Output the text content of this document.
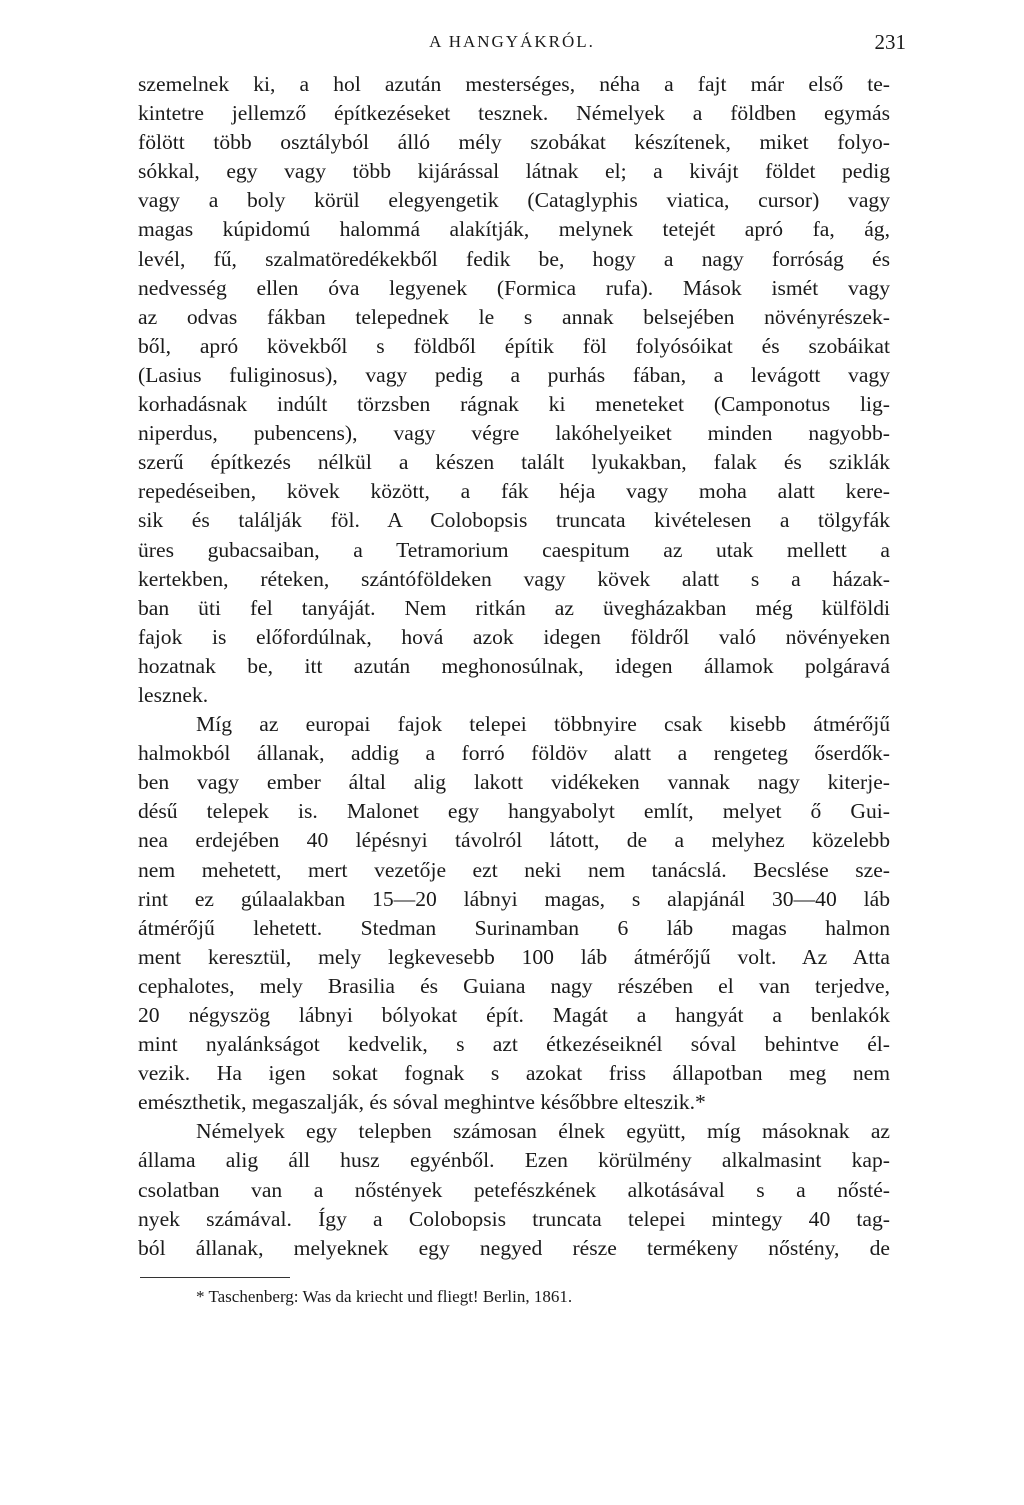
A HANGYÁKRÓL.	231
szemelnek ki, a hol azután mesterséges, néha a fajt már első te-
kintetre jellemző építkezéseket tesznek. Némelyek a földben egymás
fölött több osztályból álló mély szobákat készítenek, miket folyo-
sókkal, egy vagy több kijárással látnak el; a kivájt földet pedig
vagy a boly körül elegyengetik (Cataglyphis viatica, cursor) vagy
magas kúpidomú halommá alakítják, melynek tetejét apró fa, ág,
levél, fű, szalmatöredékekből fedik be, hogy a nagy forróság és
nedvesség ellen óva legyenek (Formica rufa). Mások ismét vagy
az odvas fákban telepednek le s annak belsejében növényrészek-
ből, apró kövekből s földből építik föl folyósóikat és szobáikat
(Lasius fuliginosus), vagy pedig a purhás fában, a levágott vagy
korhadásnak indúlt törzsben rágnak ki meneteket (Camponotus lig-
niperdus, pubencens), vagy végre lakóhelyeiket minden nagyobb-
szerű építkezés nélkül a készen talált lyukakban, falak és sziklák
repedéseiben, kövek között, a fák héja vagy moha alatt kere-
sik és találják föl. A Colobopsis truncata kivételesen a tölgyfák
üres gubacsaiban, a Tetramorium caespitum az utak mellett a
kertekben, réteken, szántóföldeken vagy kövek alatt s a házak-
ban üti fel tanyáját. Nem ritkán az üvegházakban még külföldi
fajok is előfordúlnak, hová azok idegen földről való növényeken
hozatnak be, itt azután meghonosúlnak, idegen államok polgáravá
lesznek.
Míg az europai fajok telepei többnyire csak kisebb átmérőjű
halmokból állanak, addig a forró földöv alatt a rengeteg őserdők-
ben vagy ember által alig lakott vidékeken vannak nagy kiterje-
désű telepek is. Malonet egy hangyabolyt említ, melyet ő Gui-
nea erdejében 40 lépésnyi távolról látott, de a melyhez közelebb
nem mehetett, mert vezetője ezt neki nem tanácslá. Becslése sze-
rint ez gúlaalakban 15—20 lábnyi magas, s alapjánál 30—40 láb
átmérőjű lehetett. Stedman Surinamban 6 láb magas halmon
ment keresztül, mely legkevesebb 100 láb átmérőjű volt. Az Atta
cephalotes, mely Brasilia és Guiana nagy részében el van terjedve,
20 négyszög lábnyi bólyokat épít. Magát a hangyát a benlakók
mint nyalánkságot kedvelik, s azt étkezéseiknél sóval behintve él-
vezik. Ha igen sokat fognak s azokat friss állapotban meg nem
emészthetik, megaszalják, és sóval meghintve későbbre elteszik.*
Némelyek egy telepben számosan élnek együtt, míg másoknak az
állama alig áll husz egyénből. Ezen körülmény alkalmasint kap-
csolatban van a nőstények petefészkének alkotásával s a nősté-
nyek számával. Így a Colobopsis truncata telepei mintegy 40 tag-
ból állanak, melyeknek egy negyed része termékeny nőstény, de
* Taschenberg: Was da kriecht und fliegt! Berlin, 1861.
